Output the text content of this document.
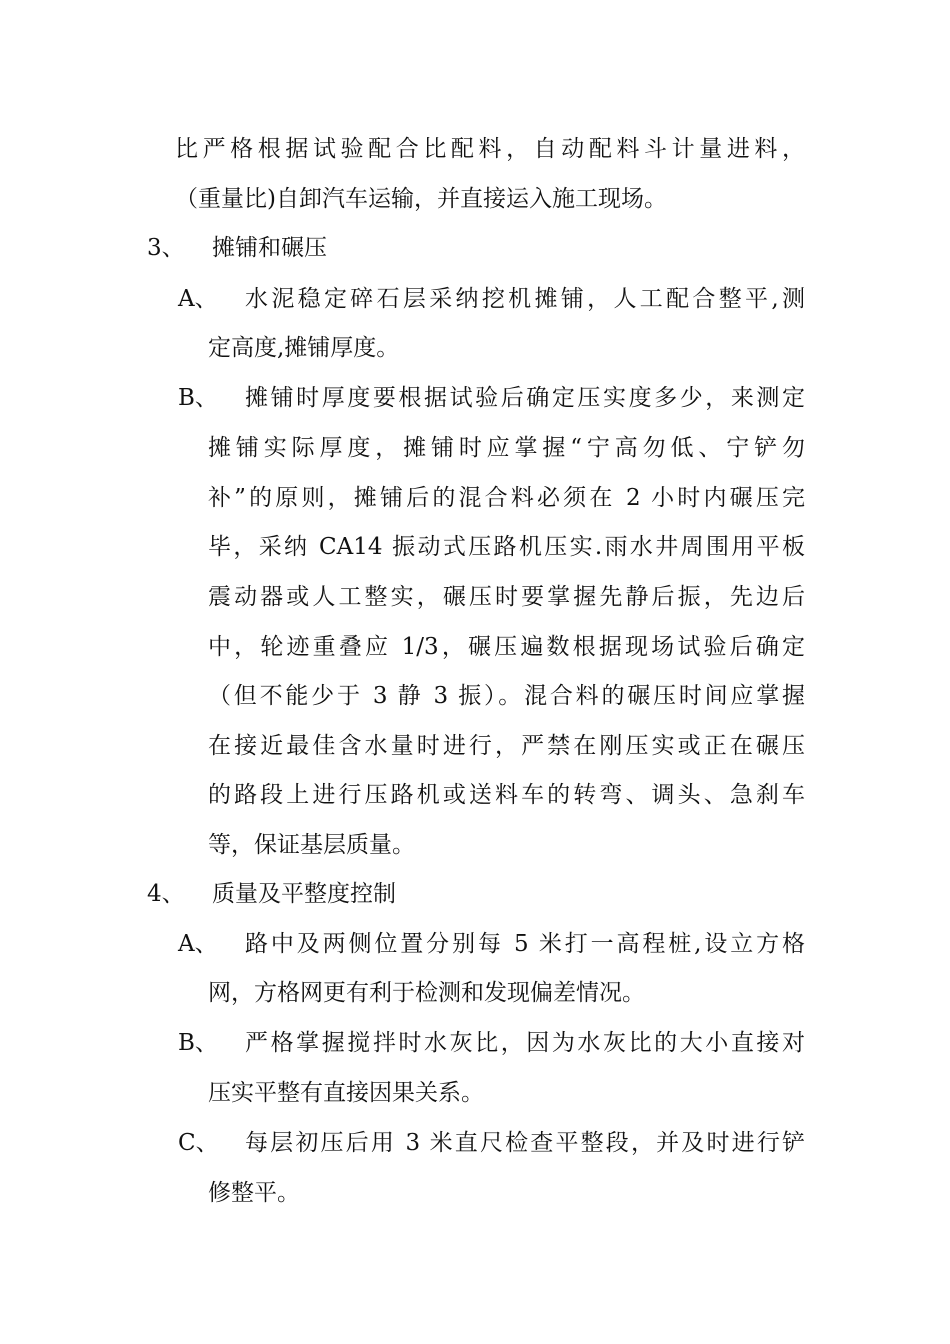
比严格根据试验配合比配料，自动配料斗计量进料，
（重量比)自卸汽车运输，并直接运入施工现场。
3、 摊铺和碾压
A、 水泥稳定碎石层采纳挖机摊铺，人工配合整平,测
定高度,摊铺厚度。
B、 摊铺时厚度要根据试验后确定压实度多少，来测定
摊铺实际厚度，摊铺时应掌握“宁高勿低、宁铲勿
补”的原则，摊铺后的混合料必须在 2 小时内碾压完
毕，采纳 CA14 振动式压路机压实.雨水井周围用平板
震动器或人工整实，碾压时要掌握先静后振，先边后
中，轮迹重叠应 1/3，碾压遍数根据现场试验后确定
（但不能少于 3 静 3 振）。混合料的碾压时间应掌握
在接近最佳含水量时进行，严禁在刚压实或正在碾压
的路段上进行压路机或送料车的转弯、调头、急刹车
等，保证基层质量。
4、 质量及平整度控制
A、 路中及两侧位置分别每 5 米打一高程桩,设立方格
网，方格网更有利于检测和发现偏差情况。
B、 严格掌握搅拌时水灰比，因为水灰比的大小直接对
压实平整有直接因果关系。
C、 每层初压后用 3 米直尺检查平整段，并及时进行铲
修整平。
